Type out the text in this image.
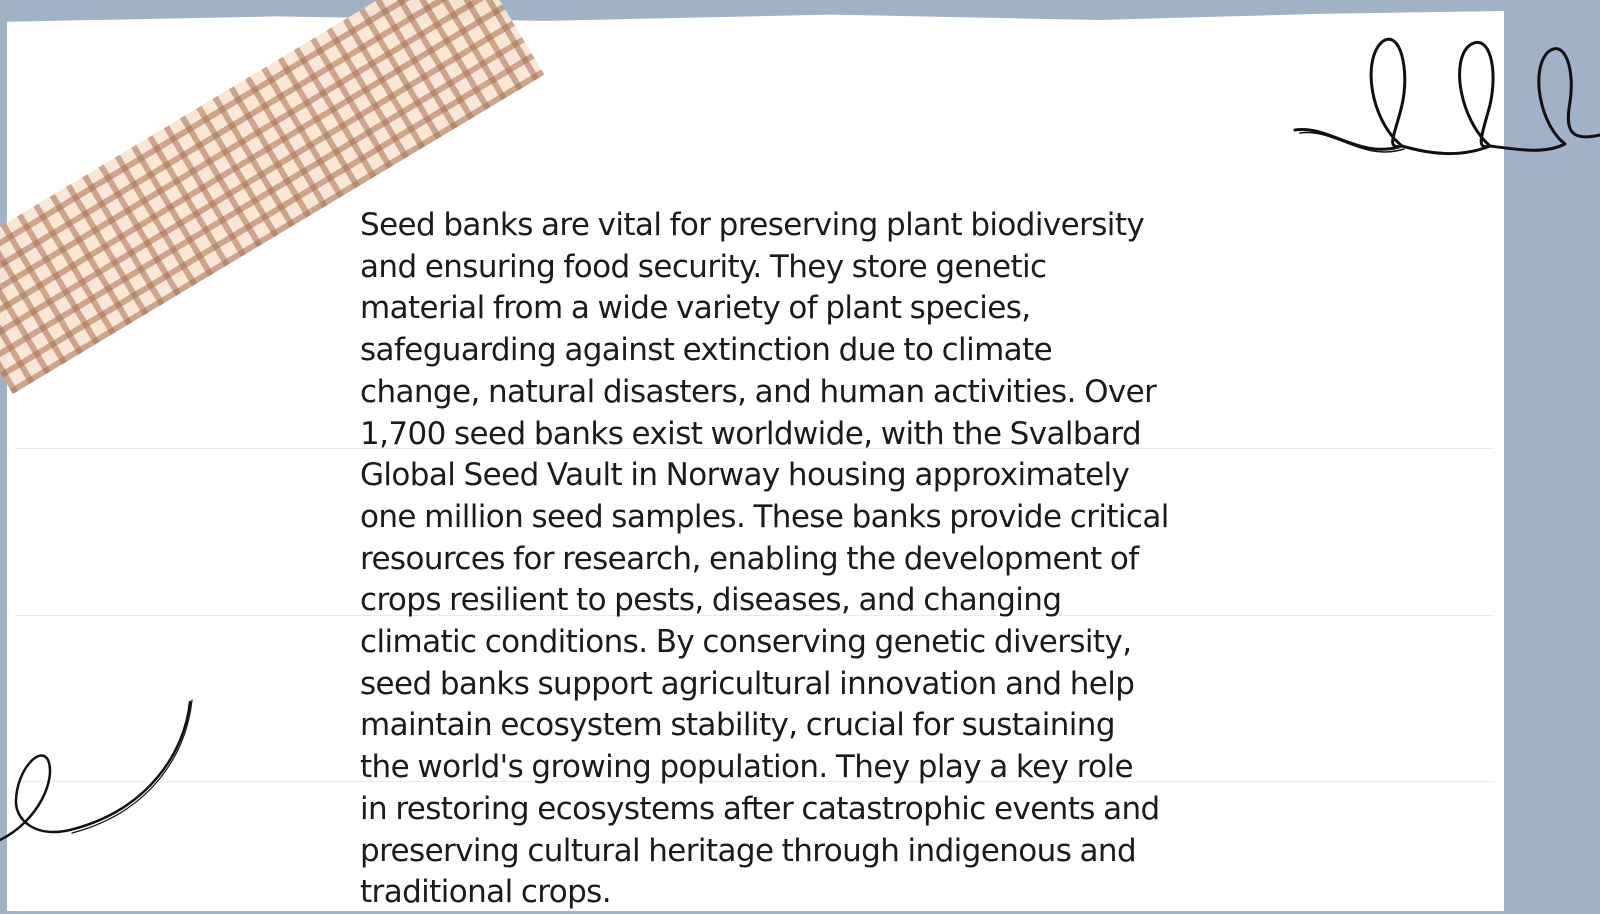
Seed banks are vital for preserving plant biodiversity
and ensuring food security. They store genetic
material from a wide variety of plant species,
safeguarding against extinction due to climate
change, natural disasters, and human activities. Over
1,700 seed banks exist worldwide, with the Svalbard
Global Seed Vault in Norway housing approximately
one million seed samples. These banks provide critical
resources for research, enabling the development of
crops resilient to pests, diseases, and changing
climatic conditions. By conserving genetic diversity,
seed banks support agricultural innovation and help
maintain ecosystem stability, crucial for sustaining
the world's growing population. They play a key role
in restoring ecosystems after catastrophic events and
preserving cultural heritage through indigenous and
traditional crops.
